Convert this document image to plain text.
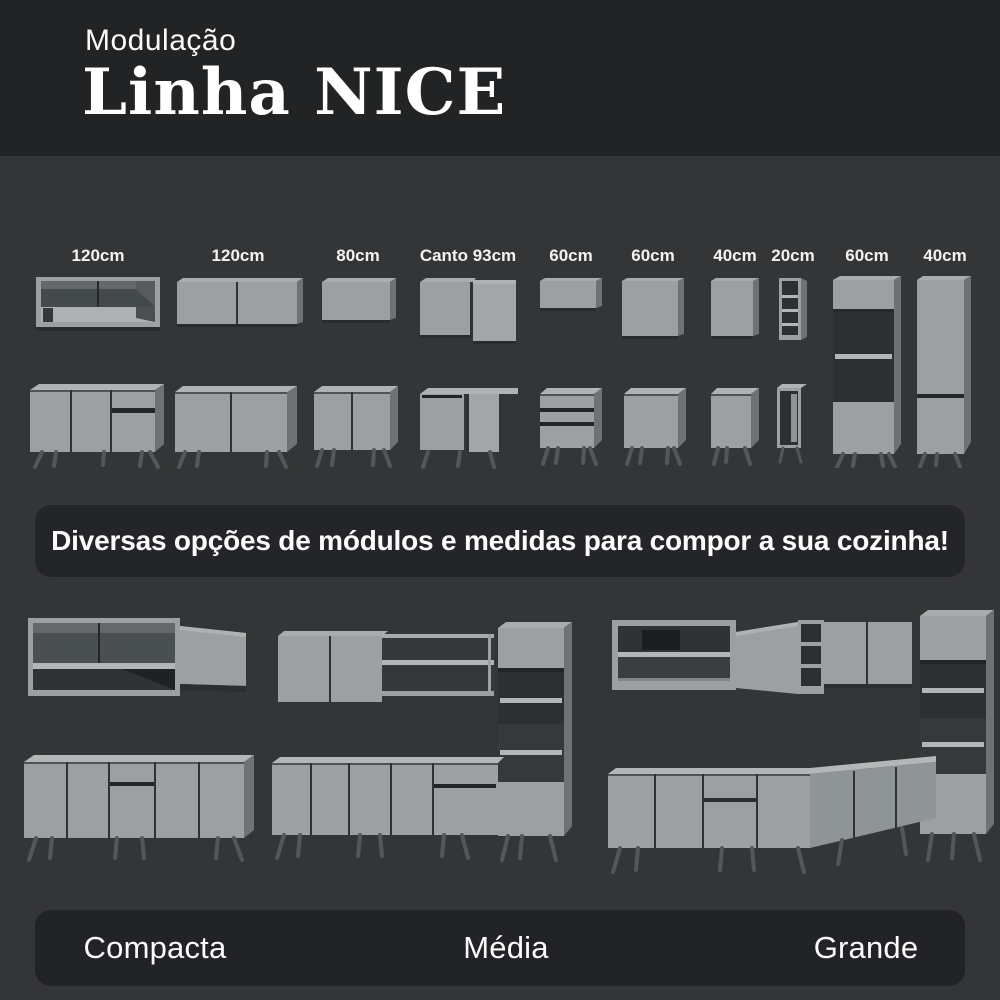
Modulação
Linha NICE
120cm	120cm	80cm	Canto 93cm	60cm	60cm	40cm 20cm	60cm	40cm
Diversas opções de módulos e medidas para compor a sua cozinha!
Compacta	Média	Grande
